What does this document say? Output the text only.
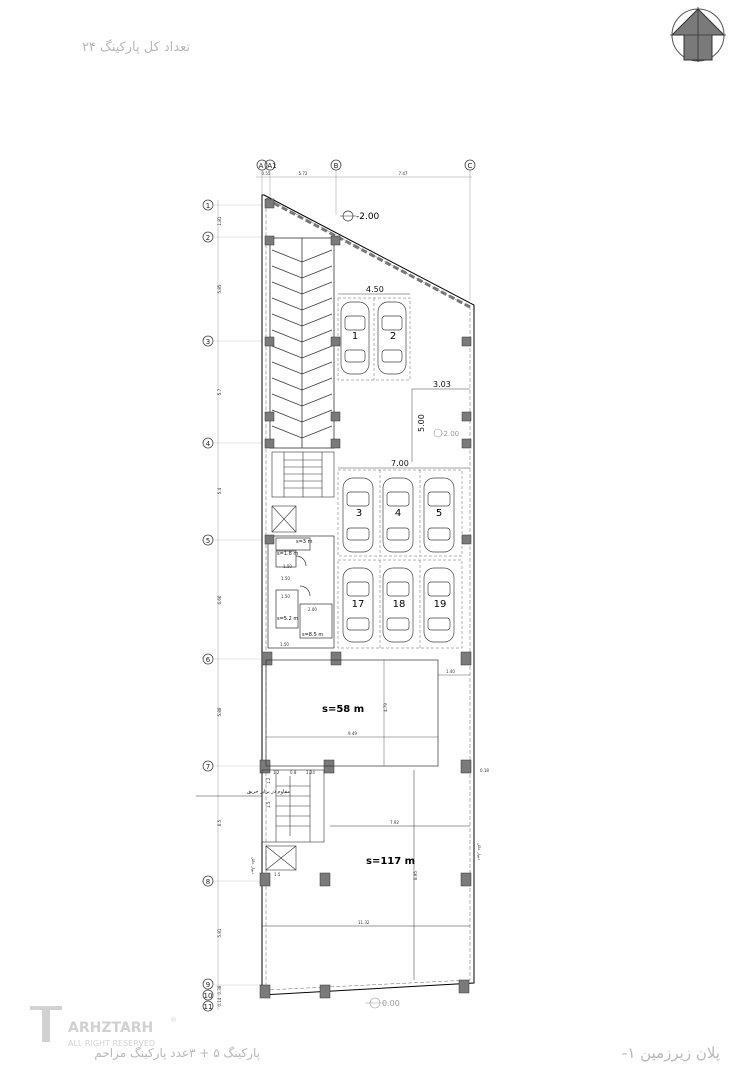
A A1	B	C
0.55	5.72	7.47
1
2
3
4
5
6
7
8
9
10
11
1.81
5.85
5.7
5.4
6.66
5.88
6.5
5.81
0.38
0.14
s=3 m
s=1.8 m
s=5.2 m
s=8.5 m
1.50
1.50
1.50
2.00
1.50
1	2
3	4	5
17	18	19
4.50
3.03
5.00
7.00
-2.00
-2.00
0.00
s=58 m
9.49
1.40
4.79
1.2	0.8 1.24
1.2
1.5
1.5
مقاوم در برابر حریق
s=117 m
7.92
11.32
8.95
0.18
دیوار حائل
دیوار حائل
ARHZTARH ®
ALL RIGHT RESERVED
تعداد کل پارکینگ ۲۴
پارکینگ ۵ + ۳عدد پارکینگ مزاحم	پلان زیرزمین ۱-
